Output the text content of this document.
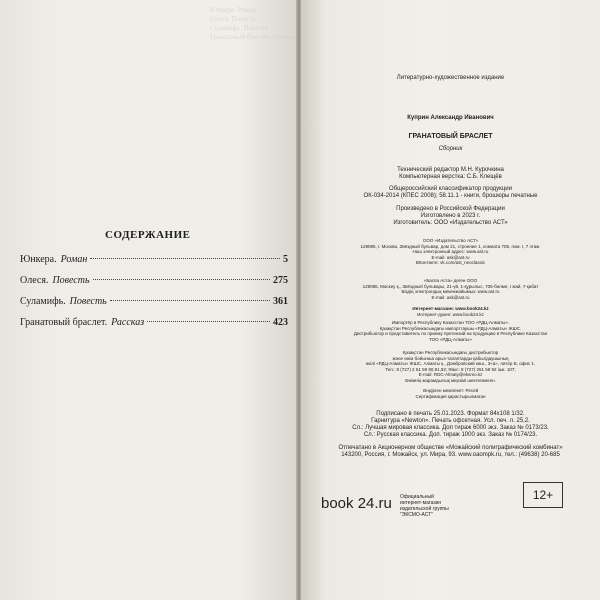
Юнкера. Роман
Олеся. Повесть
Суламифь. Повесть
Гранатовый браслет. Рассказ
СОДЕРЖАНИЕ
Юнкера. Роман	5
Олеся. Повесть	275
Суламифь. Повесть	361
Гранатовый браслет. Рассказ	423
Литературно-художественное издание
Куприн Александр Иванович
ГРАНАТОВЫЙ БРАСЛЕТ
Сборник
Технический редактор М.Н. Курочкина
Компьютерная верстка: С.Б. Клещёв
Общероссийский классификатор продукции
ОК-034-2014 (КПЕС 2008); 58.11.1 - книги, брошюры печатные
Произведено в Российской Федерации
Изготовлено в 2023 г.
Изготовитель: ООО «Издательство АСТ»
ООО «Издательство АСТ»
129085, г. Москва, Звёздный бульвар, дом 21, строение 1, комната 705, пом. I, 7 этаж.
Наш электронный адрес: www.ast.ru
E-mail: ask@ast.ru
ВКонтакте: vk.com/ast_neoclassic
«Баспа Аста» деген ООО
129085, Мәскеу қ., Звёздный бульвары, 21-үй, 1-құрылыс, 705-бөлме, I жай, 7-қабат
Біздің электрондық мекенжайымыз: www.ast.ru
E-mail: ask@ast.ru
Интернет-магазин: www.book24.kz
Интернет-дүкен: www.book24.kz
Импортёр в Республику Казахстан ТОО «РДЦ-Алматы».
Қазақстан Республикасындағы импорттаушы «РДЦ-Алматы» ЖШС.
Дистрибьютор и представитель по приему претензий на продукцию в Республике Казахстан
ТОО «РДЦ-Алматы»
Қазақстан Республикасындағы дистрибьютор
және өнім бойынша арыз-талаптарды қабылдаушының
өкілі «РДЦ-Алматы» ЖШС, Алматы қ., Домбровский көш., 3«а», литер Б, офис 1.
Тел.: 8 (727) 2 51 59 90,91,92; Факс: 8 (727) 251 59 92 ішк. 107;
E-mail: RDC-Almaty@eksmo.kz
Өнімнің жарамдылық мерзімі шектелмеген.
Өндірген мемлекет: Ресей
Сертификация қарастырылмаған
Подписано в печать 25.01.2023. Формат 84x108 1/32.
Гарнитура «Newton». Печать офсетная. Усл. печ. л. 25,2.
Сл.: Лучшая мировая классика. Доп тираж 6000 экз. Заказ № 0173/23.
Сл.: Русская классика. Доп. тираж 1000 экз. Заказ № 0174/23.
Отпечатано в Акционерном обществе «Можайский полиграфический комбинат»
143200, Россия, г. Можайск, ул. Мира, 93. www.oaompk.ru, тел.: (49638) 20-685
book 24.ru Официальный
интернет-магазин
издательской группы
"ЭКСМО-АСТ"
12+
